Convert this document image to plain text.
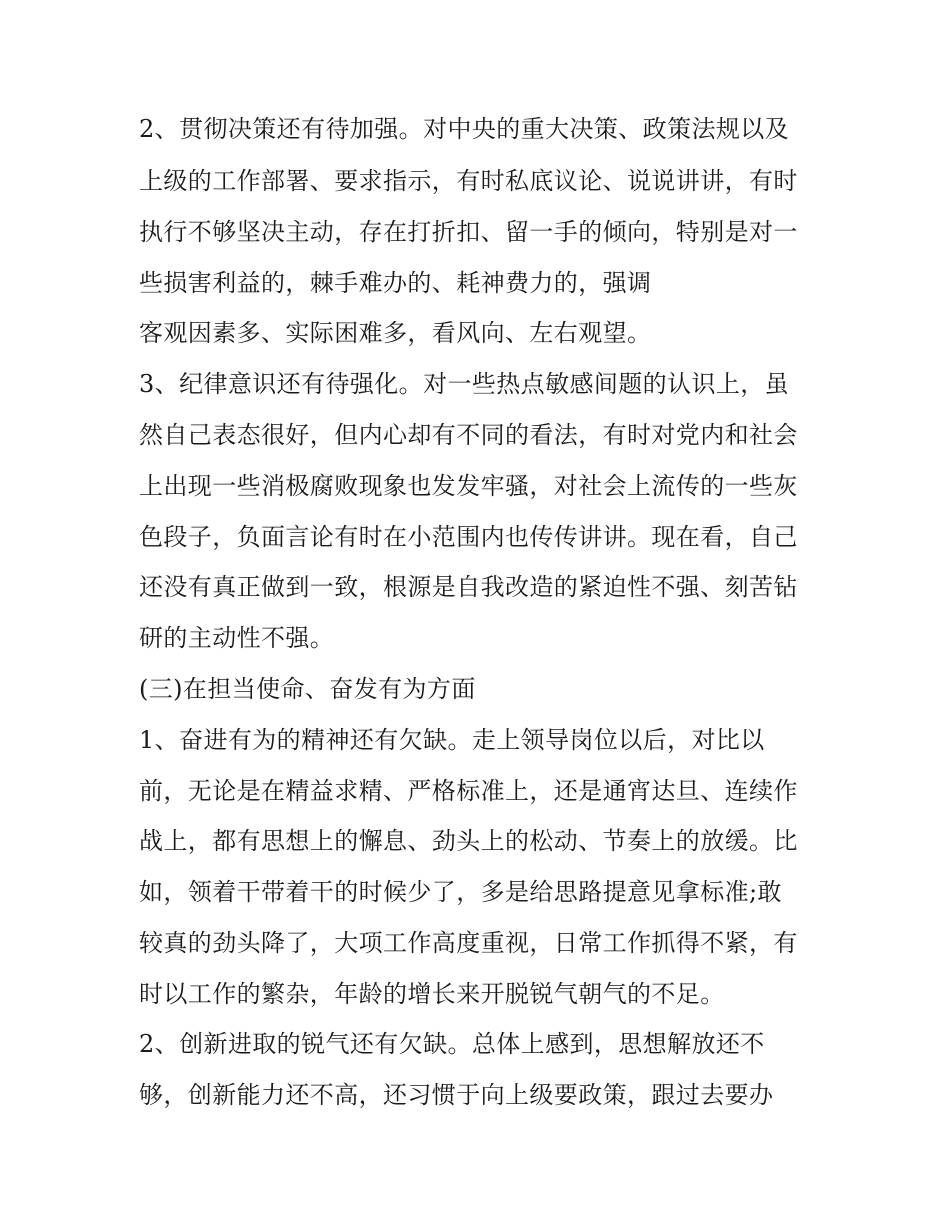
2、贯彻决策还有待加强。对中央的重大决策、政策法规以及
上级的工作部署、要求指示，有时私底议论、说说讲讲，有时
执行不够坚决主动，存在打折扣、留一手的倾向，特别是对一
些损害利益的，棘手难办的、耗神费力的，强调
客观因素多、实际困难多，看风向、左右观望。
3、纪律意识还有待强化。对一些热点敏感间题的认识上，虽
然自己表态很好，但内心却有不同的看法，有时对党内和社会
上出现一些消极腐败现象也发发牢骚，对社会上流传的一些灰
色段子，负面言论有时在小范围内也传传讲讲。现在看，自己
还没有真正做到一致，根源是自我改造的紧迫性不强、刻苦钻
研的主动性不强。
(三)在担当使命、奋发有为方面
1、奋进有为的精神还有欠缺。走上领导岗位以后，对比以
前，无论是在精益求精、严格标准上，还是通宵达旦、连续作
战上，都有思想上的懈息、劲头上的松动、节奏上的放缓。比
如，领着干带着干的时候少了，多是给思路提意见拿标准;敢
较真的劲头降了，大项工作高度重视，日常工作抓得不紧，有
时以工作的繁杂，年龄的增长来开脱锐气朝气的不足。
2、创新进取的锐气还有欠缺。总体上感到，思想解放还不
够，创新能力还不高，还习惯于向上级要政策，跟过去要办
